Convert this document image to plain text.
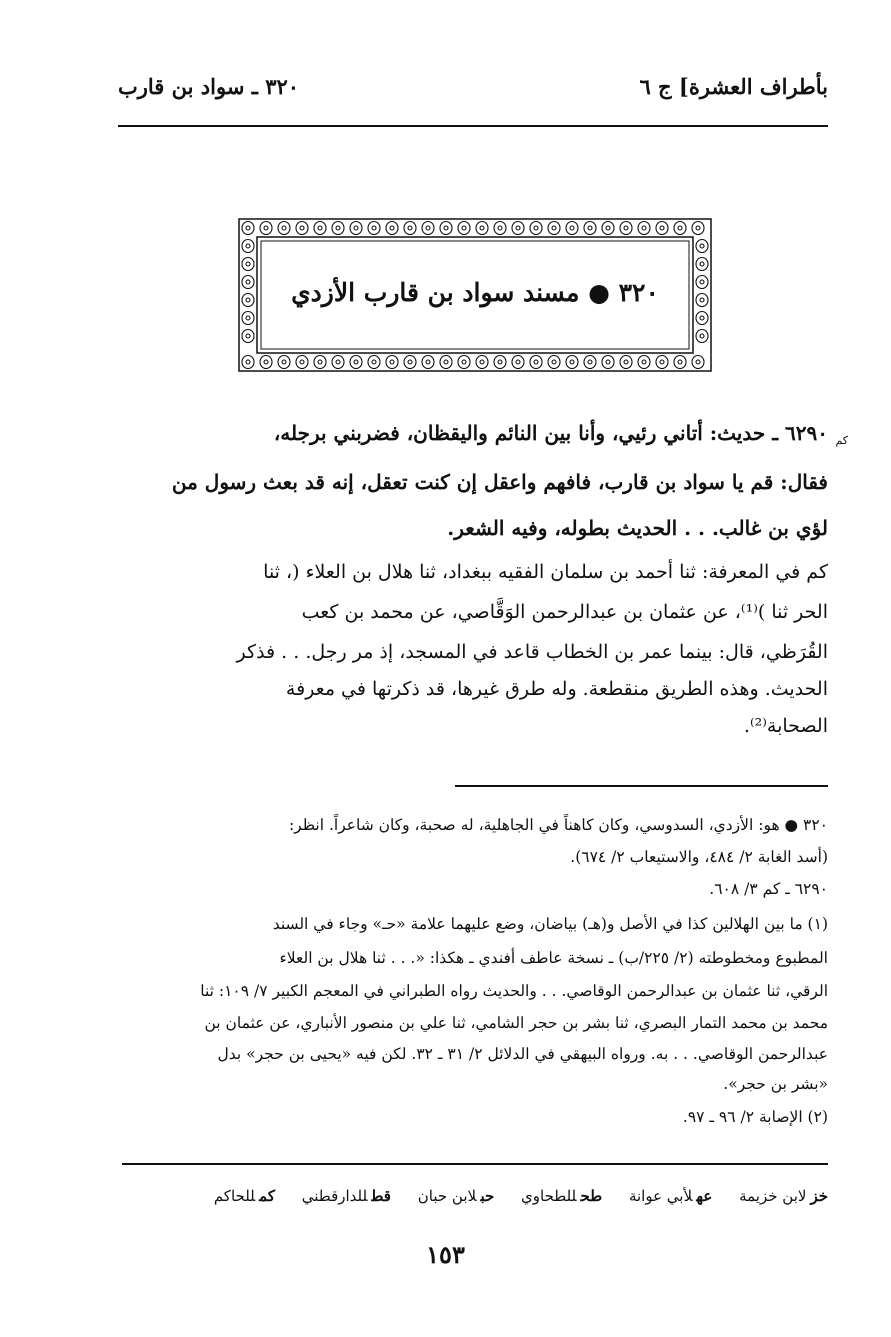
بأطراف العشرة] ج ٦
٣٢٠ ـ سواد بن قارب
٣٢٠ ● مسند سواد بن قارب الأزدي
٦٢٩٠ ـ حديث: أتاني رئيي، وأنا بين النائم واليقظان، فضربني برجله، كم
فقال: قم يا سواد بن قارب، فافهم واعقل إن كنت تعقل، إنه قد بعث رسول من
لؤي بن غالب. . . الحديث بطوله، وفيه الشعر.
كم في المعرفة: ثنا أحمد بن سلمان الفقيه ببغداد، ثنا هلال بن العلاء (، ثنا
الحر ثنا )⁽¹⁾، عن عثمان بن عبدالرحمن الوَقَّاصي، عن محمد بن كعب
القُرَظي، قال: بينما عمر بن الخطاب قاعد في المسجد، إذ مر رجل. . . فذكر
الحديث. وهذه الطريق منقطعة. وله طرق غيرها، قد ذكرتها في معرفة
الصحابة⁽²⁾.
٣٢٠ ● هو: الأزدي، السدوسي، وكان كاهناً في الجاهلية، له صحبة، وكان شاعراً. انظر:
(أسد الغابة ٢/ ٤٨٤، والاستيعاب ٢/ ٦٧٤).
٦٢٩٠ ـ كم ٣/ ٦٠٨.
(١) ما بين الهلالين كذا في الأصل و(هـ) بياضان، وضع عليهما علامة «حـ» وجاء في السند
المطبوع ومخطوطته (٢/ ٢٢٥/ب) ـ نسخة عاطف أفندي ـ هكذا: «. . . ثنا هلال بن العلاء
الرقي، ثنا عثمان بن عبدالرحمن الوقاصي. . . والحديث رواه الطبراني في المعجم الكبير ٧/ ١٠٩: ثنا
محمد بن محمد التمار البصري، ثنا بشر بن حجر الشامي، ثنا علي بن منصور الأنباري، عن عثمان بن
عبدالرحمن الوقاصي. . . به. ورواه البيهقي في الدلائل ٢/ ٣١ ـ ٣٢. لكن فيه «يحيى بن حجر» بدل
«بشر بن حجر».
(٢) الإصابة ٢/ ٩٦ ـ ٩٧.
خزلابن خزيمة عهلأبي عوانة طحللطحاوي حبلابن حبان قطللدارقطني كمللحاكم
١٥٣
